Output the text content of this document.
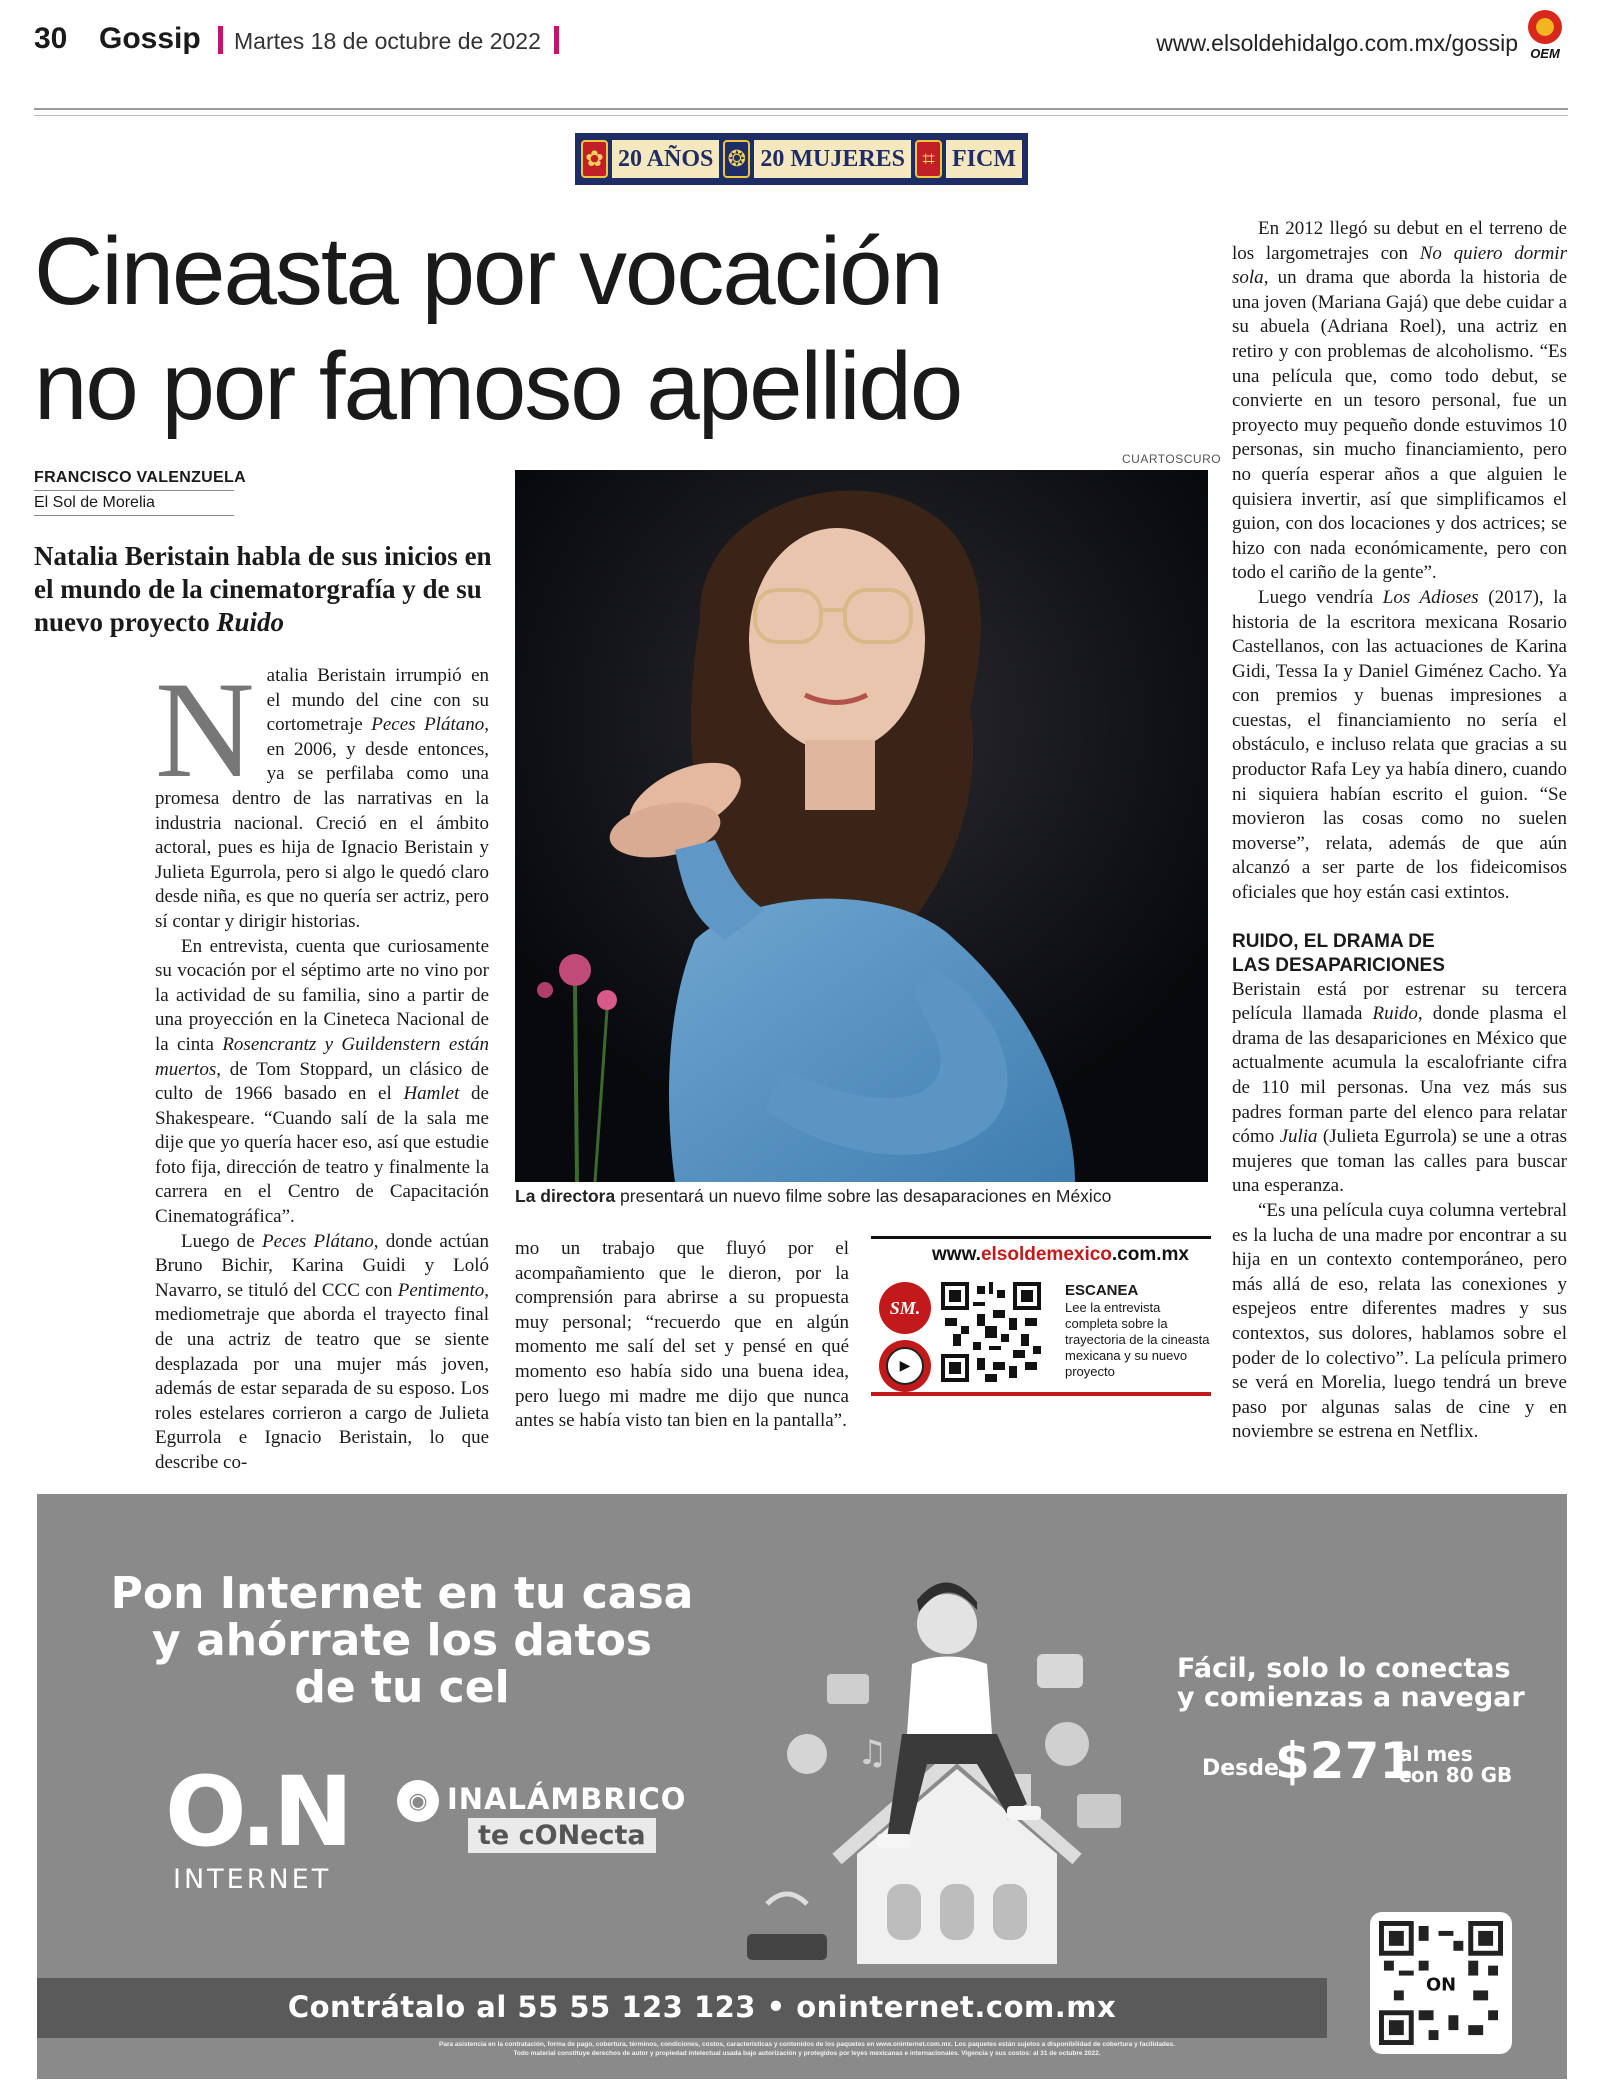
30 Gossip Martes 18 de octubre de 2022	www.elsoldehidalgo.com.mx/gossip OEM
✿ 20 AÑOS ❂ 20 MUJERES ⌗ FICM
Cineasta por vocación
no por famoso apellido
CUARTOSCURO
FRANCISCO VALENZUELA
El Sol de Morelia
Natalia Beristain habla de sus inicios en el mundo de la cinematorgrafía y de su nuevo proyecto Ruido

Natalia Beristain irrumpió en el mundo del cine con su cortometraje Peces Plátano, en 2006, y desde entonces, ya se perfilaba como una promesa dentro de las narrativas en la industria nacional. Creció en el ámbito actoral, pues es hija de Ignacio Beristain y Julieta Egurrola, pero si algo le quedó claro desde niña, es que no quería ser actriz, pero sí contar y dirigir historias.

En entrevista, cuenta que curiosamente su vocación por el séptimo arte no vino por la actividad de su familia, sino a partir de una proyección en la Cineteca Nacional de la cinta Rosencrantz y Guildenstern están muertos, de Tom Stoppard, un clásico de culto de 1966 basado en el Hamlet de Shakespeare. “Cuando salí de la sala me dije que yo quería hacer eso, así que estudie foto fija, dirección de teatro y finalmente la carrera en el Centro de Capacitación Cinematográfica”.

Luego de Peces Plátano, donde actúan Bruno Bichir, Karina Guidi y Loló Navarro, se tituló del CCC con Pentimento, mediometraje que aborda el trayecto final de una actriz de teatro que se siente desplazada por una mujer más joven, además de estar separada de su esposo. Los roles estelares corrieron a cargo de Julieta Egurrola e Ignacio Beristain, lo que describe co-

La directora presentará un nuevo filme sobre las desaparaciones en México

mo un trabajo que fluyó por el acompañamiento que le dieron, por la comprensión para abrirse a su propuesta muy personal; “recuerdo que en algún momento me salí del set y pensé en qué momento eso había sido una buena idea, pero luego mi madre me dijo que nunca antes se había visto tan bien en la pantalla”.

www.elsoldemexico.com.mx
SM.
▶
ESCANEA
Lee la entrevista completa sobre la trayectoria de la cineasta mexicana y su nuevo proyecto

En 2012 llegó su debut en el terreno de los largometrajes con No quiero dormir sola, un drama que aborda la historia de una joven (Mariana Gajá) que debe cuidar a su abuela (Adriana Roel), una actriz en retiro y con problemas de alcoholismo. “Es una película que, como todo debut, se convierte en un tesoro personal, fue un proyecto muy pequeño donde estuvimos 10 personas, sin mucho financiamiento, pero no quería esperar años a que alguien le quisiera invertir, así que simplificamos el guion, con dos locaciones y dos actrices; se hizo con nada económicamente, pero con todo el cariño de la gente”.

Luego vendría Los Adioses (2017), la historia de la escritora mexicana Rosario Castellanos, con las actuaciones de Karina Gidi, Tessa Ia y Daniel Giménez Cacho. Ya con premios y buenas impresiones a cuestas, el financiamiento no sería el obstáculo, e incluso relata que gracias a su productor Rafa Ley ya había dinero, cuando ni siquiera habían escrito el guion. “Se movieron las cosas como no suelen moverse”, relata, además de que aún alcanzó a ser parte de los fideicomisos oficiales que hoy están casi extintos.

RUIDO, EL DRAMA DE
LAS DESAPARICIONES

Beristain está por estrenar su tercera película llamada Ruido, donde plasma el drama de las desapariciones en México que actualmente acumula la escalofriante cifra de 110 mil personas. Una vez más sus padres forman parte del elenco para relatar cómo Julia (Julieta Egurrola) se une a otras mujeres que toman las calles para buscar una esperanza.

“Es una película cuya columna vertebral es la lucha de una madre por encontrar a su hija en un contexto contemporáneo, pero más allá de eso, relata las conexiones y espejeos entre diferentes madres y sus contextos, sus dolores, hablamos sobre el poder de lo colectivo”. La película primero se verá en Morelia, luego tendrá un breve paso por algunas salas de cine y en noviembre se estrena en Netflix.

Pon Internet en tu casa
y ahórrate los datos
de tu cel
O.N
INTERNET
◉ INALÁMBRICO
te cONecta
♫
Fácil, solo lo conectas
y comienzas a navegar
Desde
$271
al mes
con 80 GB
Contrátalo al 55 55 123 123 • oninternet.com.mx
Para asistencia en la contratación, forma de pago, cobertura, términos, condiciones, costos, características y contenidos de los paquetes en www.oninternet.com.mx. Los paquetes están sujetos a disponibilidad de cobertura y facilidades.
Todo material constituye derechos de autor y propiedad intelectual usada bajo autorización y protegidos por leyes mexicanas e internacionales. Vigencia y sus costos: al 31 de octubre 2022.
ON
